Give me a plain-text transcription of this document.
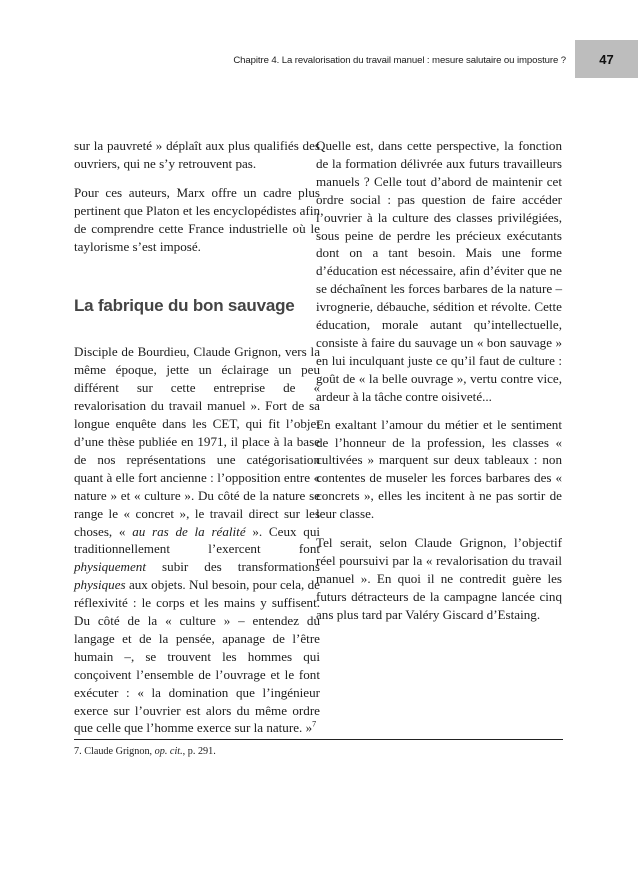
Chapitre 4. La revalorisation du travail manuel : mesure salutaire ou imposture ?	47

sur la pauvreté » déplaît aux plus qualifiés des ouvriers, qui ne s’y retrouvent pas.

Pour ces auteurs, Marx offre un cadre plus pertinent que Platon et les encyclopédistes afin de comprendre cette France industrielle où le taylorisme s’est imposé.

La fabrique du bon sauvage

Disciple de Bourdieu, Claude Grignon, vers la même époque, jette un éclairage un peu différent sur cette entreprise de « revalorisation du travail manuel ». Fort de sa longue enquête dans les CET, qui fit l’objet d’une thèse publiée en 1971, il place à la base de nos représentations une catégorisation quant à elle fort ancienne : l’opposition entre « nature » et « culture ». Du côté de la nature se range le « concret », le travail direct sur les choses, « au ras de la réalité ». Ceux qui traditionnellement l’exercent font physiquement subir des transformations physiques aux objets. Nul besoin, pour cela, de réflexivité : le corps et les mains y suffisent. Du côté de la « culture » – entendez du langage et de la pensée, apanage de l’être humain –, se trouvent les hommes qui conçoivent l’ensemble de l’ouvrage et le font exécuter : « la domination que l’ingénieur exerce sur l’ouvrier est alors du même ordre que celle que l’homme exerce sur la nature. »$^7$

Quelle est, dans cette perspective, la fonction de la formation délivrée aux futurs travailleurs manuels ? Celle tout d’abord de maintenir cet ordre social : pas question de faire accéder l’ouvrier à la culture des classes privilégiées, sous peine de perdre les précieux exécutants dont on a tant besoin. Mais une forme d’éducation est nécessaire, afin d’éviter que ne se déchaînent les forces barbares de la nature – ivrognerie, débauche, sédition et révolte. Cette éducation, morale autant qu’intellectuelle, consiste à faire du sauvage un « bon sauvage » en lui inculquant juste ce qu’il faut de culture : goût de « la belle ouvrage », vertu contre vice, ardeur à la tâche contre oisiveté...

En exaltant l’amour du métier et le sentiment de l’honneur de la profession, les classes « cultivées » marquent sur deux tableaux : non contentes de museler les forces barbares des « concrets », elles les incitent à ne pas sortir de leur classe.

Tel serait, selon Claude Grignon, l’objectif réel poursuivi par la « revalorisation du travail manuel ». En quoi il ne contredit guère les futurs détracteurs de la campagne lancée cinq ans plus tard par Valéry Giscard d’Estaing.

7. Claude Grignon, op. cit., p. 291.
